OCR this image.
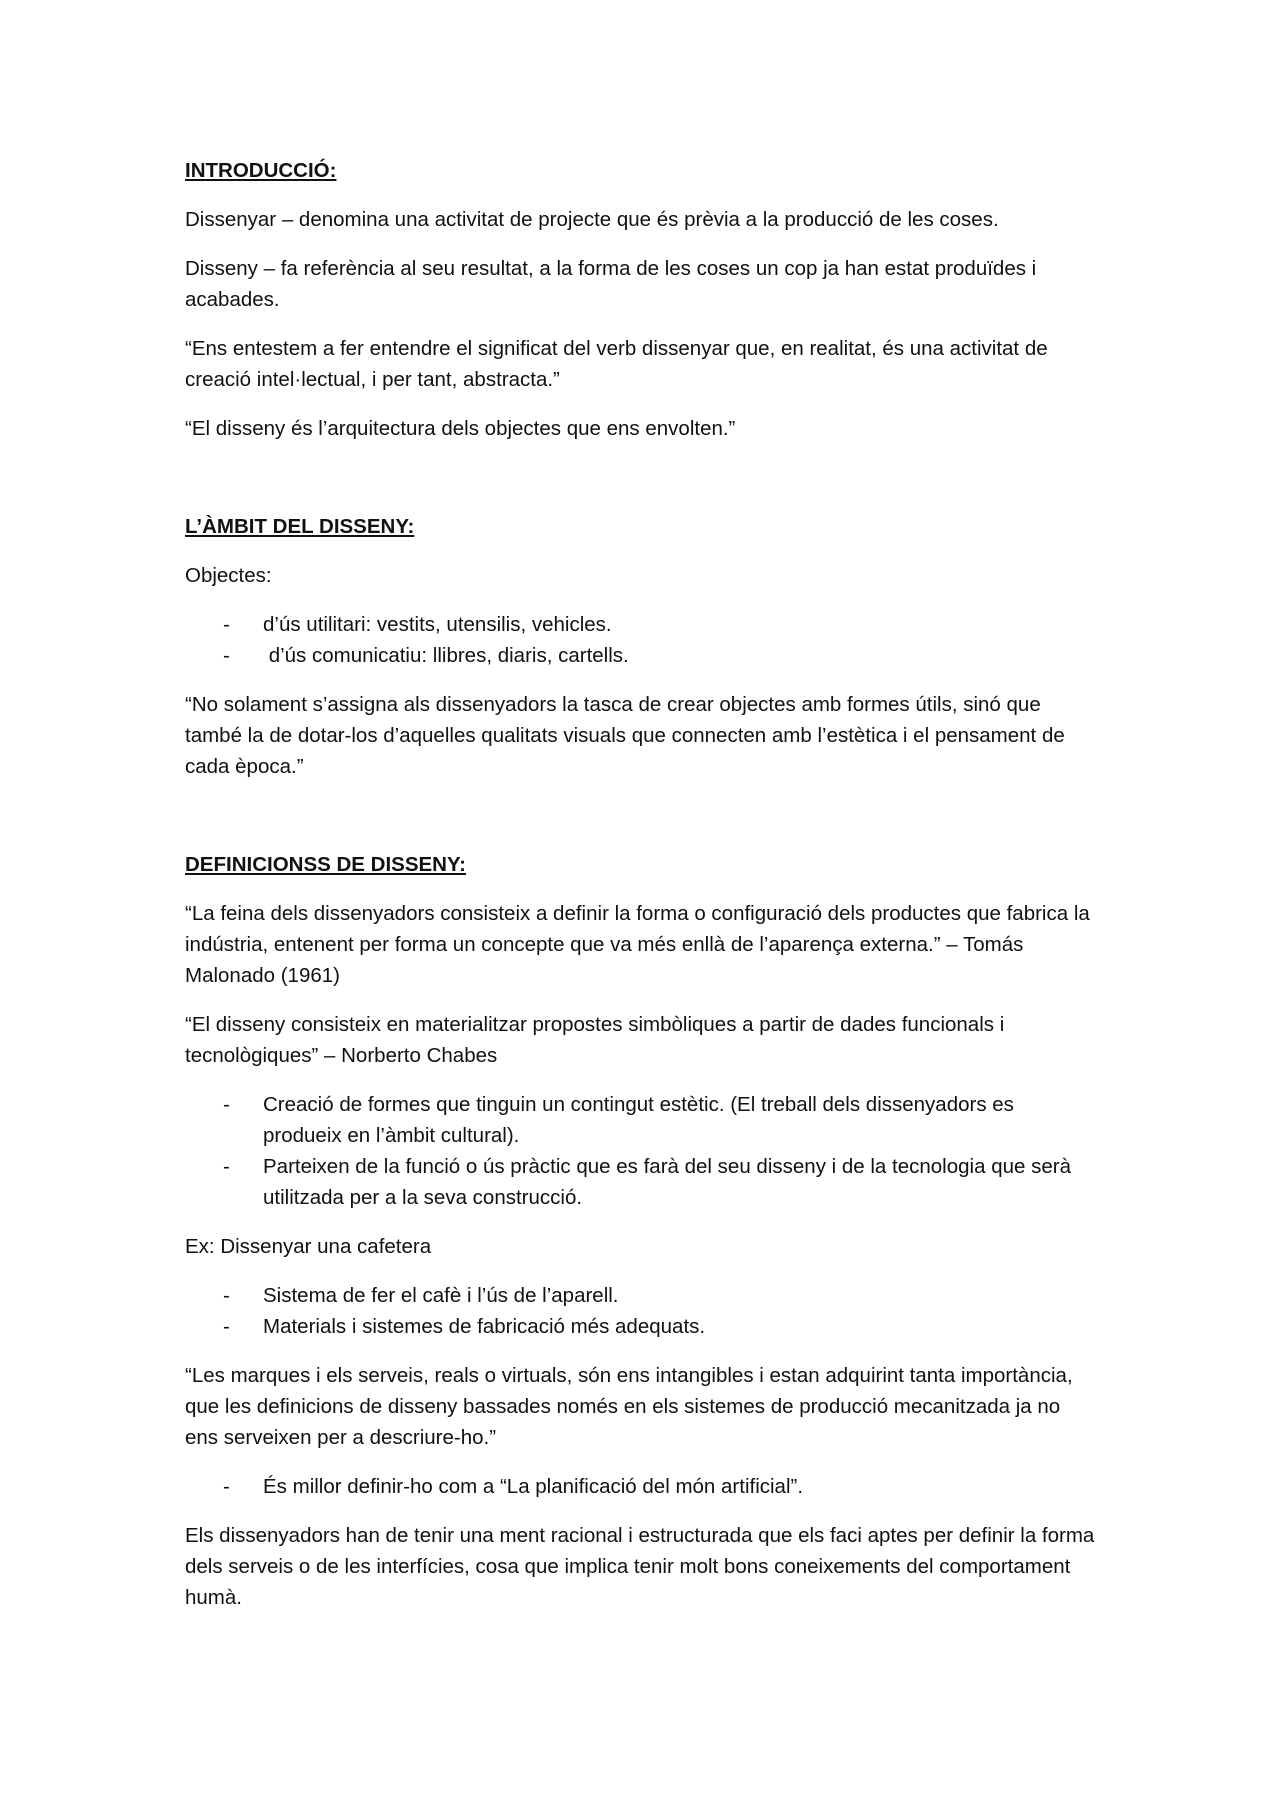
INTRODUCCIÓ:

Dissenyar – denomina una activitat de projecte que és prèvia a la producció de les coses.

Disseny – fa referència al seu resultat, a la forma de les coses un cop ja han estat produïdes i acabades.

“Ens entestem a fer entendre el significat del verb dissenyar que, en realitat, és una activitat de creació intel·lectual, i per tant, abstracta.”

“El disseny és l’arquitectura dels objectes que ens envolten.”

L’ÀMBIT DEL DISSENY:

Objectes:

- d’ús utilitari: vestits, utensilis, vehicles.
- d’ús comunicatiu: llibres, diaris, cartells.

“No solament s’assigna als dissenyadors la tasca de crear objectes amb formes útils, sinó que també la de dotar-los d’aquelles qualitats visuals que connecten amb l’estètica i el pensament de cada època.”

DEFINICIONSS DE DISSENY:

“La feina dels dissenyadors consisteix a definir la forma o configuració dels productes que fabrica la indústria, entenent per forma un concepte que va més enllà de l’aparença externa.” – Tomás Malonado (1961)

“El disseny consisteix en materialitzar propostes simbòliques a partir de dades funcionals i tecnològiques” – Norberto Chabes

- Creació de formes que tinguin un contingut estètic. (El treball dels dissenyadors es produeix en l’àmbit cultural).
- Parteixen de la funció o ús pràctic que es farà del seu disseny i de la tecnologia que serà utilitzada per a la seva construcció.

Ex: Dissenyar una cafetera

- Sistema de fer el cafè i l’ús de l’aparell.
- Materials i sistemes de fabricació més adequats.

“Les marques i els serveis, reals o virtuals, són ens intangibles i estan adquirint tanta importància, que les definicions de disseny bassades només en els sistemes de producció mecanitzada ja no ens serveixen per a descriure-ho.”

- És millor definir-ho com a “La planificació del món artificial”.

Els dissenyadors han de tenir una ment racional i estructurada que els faci aptes per definir la forma dels serveis o de les interfícies, cosa que implica tenir molt bons coneixements del comportament humà.
